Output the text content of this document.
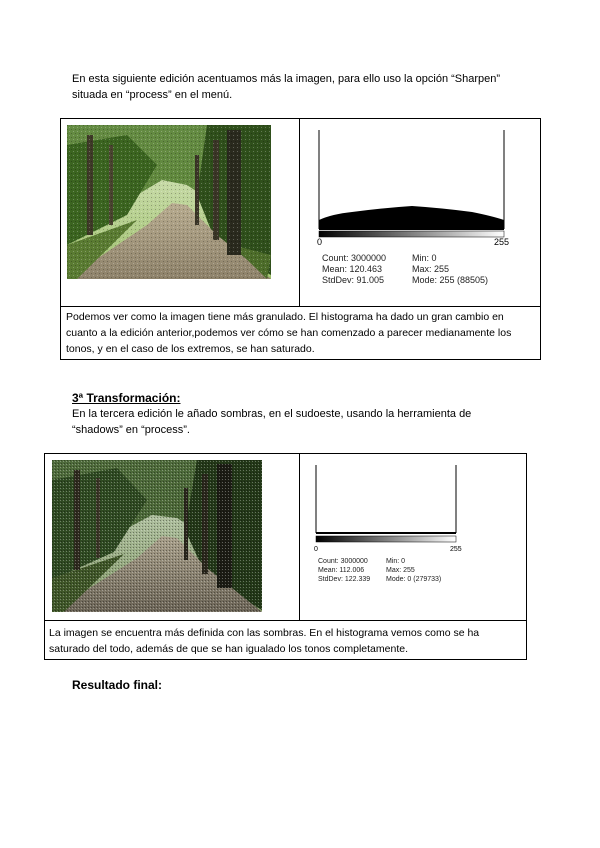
En esta siguiente edición acentuamos más la imagen, para ello uso la opción “Sharpen”
situada en “process” en el menú.
0	255
Count: 3000000
Mean: 120.463
StdDev: 91.005
Min: 0
Max: 255
Mode: 255 (88505)
Podemos ver como la imagen tiene más granulado. El histograma ha dado un gran cambio en
cuanto a la edición anterior,podemos ver cómo se han comenzado a parecer medianamente los
tonos, y en el caso de los extremos, se han saturado.
3ª Transformación:
En la tercera edición le añado sombras, en el sudoeste, usando la herramienta de
“shadows” en “process”.
0	255
Count: 3000000
Mean: 112.006
StdDev: 122.339
Min: 0
Max: 255
Mode: 0 (279733)
La imagen se encuentra más definida con las sombras. En el histograma vemos como se ha
saturado del todo, además de que se han igualado los tonos completamente.
Resultado final:
